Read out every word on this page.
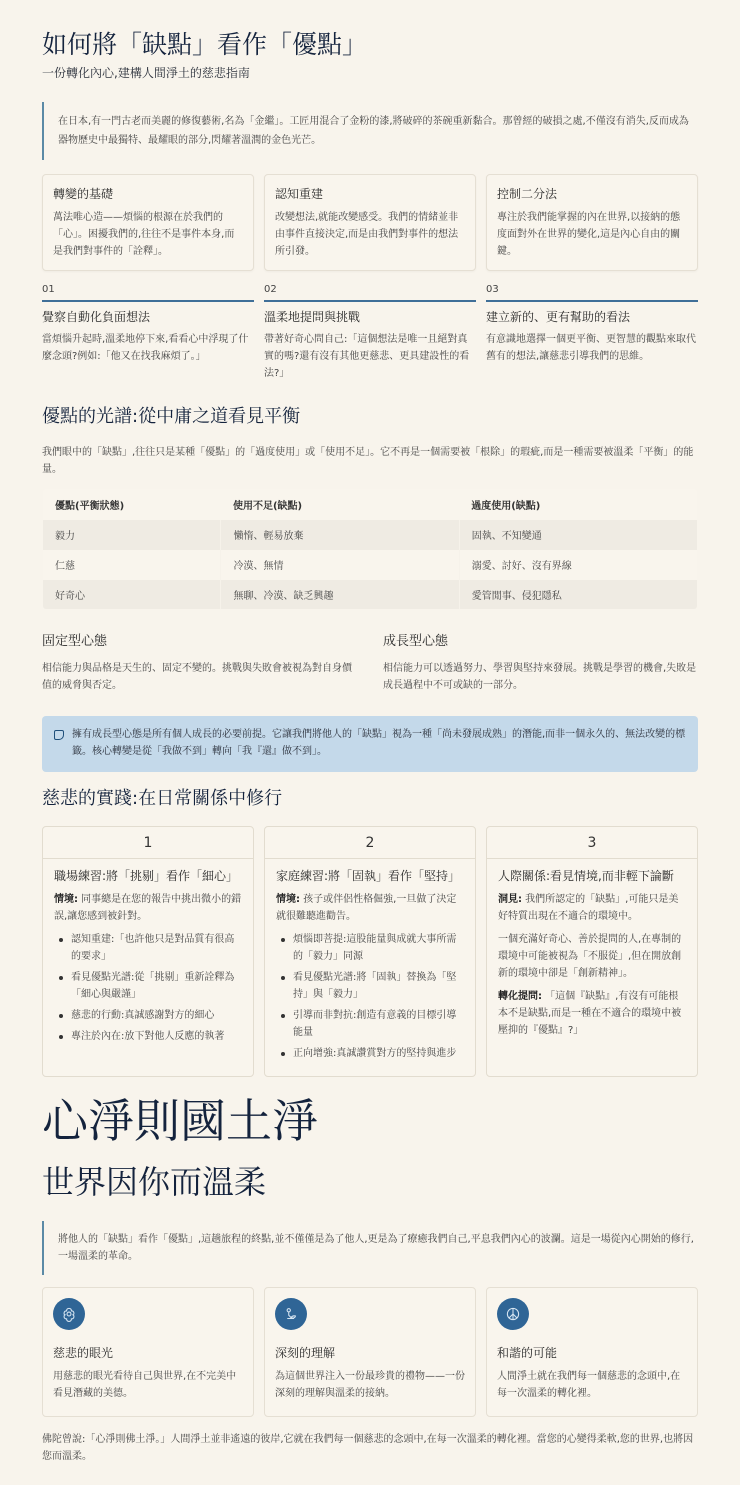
如何將「缺點」看作「優點」
一份轉化內心,建構人間淨土的慈悲指南
在日本,有一門古老而美麗的修復藝術,名為「金繼」。工匠用混合了金粉的漆,將破碎的茶碗重新黏合。那曾經的破損之處,不僅沒有消失,反而成為器物歷史中最獨特、最耀眼的部分,閃耀著溫潤的金色光芒。
轉變的基礎
萬法唯心造——煩惱的根源在於我們的「心」。困擾我們的,往往不是事件本身,而是我們對事件的「詮釋」。
認知重建
改變想法,就能改變感受。我們的情緒並非由事件直接決定,而是由我們對事件的想法所引發。
控制二分法
專注於我們能掌握的內在世界,以接納的態度面對外在世界的變化,這是內心自由的關鍵。
01
覺察自動化負面想法
當煩惱升起時,溫柔地停下來,看看心中浮現了什麼念頭?例如:「他又在找我麻煩了。」
02
溫柔地提問與挑戰
帶著好奇心問自己:「這個想法是唯一且絕對真實的嗎?還有沒有其他更慈悲、更具建設性的看法?」
03
建立新的、更有幫助的看法
有意識地選擇一個更平衡、更智慧的觀點來取代舊有的想法,讓慈悲引導我們的思維。
優點的光譜:從中庸之道看見平衡

我們眼中的「缺點」,往往只是某種「優點」的「過度使用」或「使用不足」。它不再是一個需要被「根除」的瑕疵,而是一種需要被溫柔「平衡」的能量。

優點(平衡狀態)	使用不足(缺點)	過度使用(缺點)
毅力	懶惰、輕易放棄	固執、不知變通
仁慈	冷漠、無情	溺愛、討好、沒有界線
好奇心	無聊、冷漠、缺乏興趣	愛管閒事、侵犯隱私
固定型心態
相信能力與品格是天生的、固定不變的。挑戰與失敗會被視為對自身價值的威脅與否定。
成長型心態
相信能力可以透過努力、學習與堅持來發展。挑戰是學習的機會,失敗是成長過程中不可或缺的一部分。
擁有成長型心態是所有個人成長的必要前提。它讓我們將他人的「缺點」視為一種「尚未發展成熟」的潛能,而非一個永久的、無法改變的標籤。核心轉變是從「我做不到」轉向「我『還』做不到」。
慈悲的實踐:在日常關係中修行
1
職場練習:將「挑剔」看作「細心」
情境: 同事總是在您的報告中挑出微小的錯誤,讓您感到被針對。
認知重建:「也許他只是對品質有很高的要求」
看見優點光譜:從「挑剔」重新詮釋為「細心與嚴謹」
慈悲的行動:真誠感謝對方的細心
專注於內在:放下對他人反應的執著
2
家庭練習:將「固執」看作「堅持」
情境: 孩子或伴侶性格倔強,一旦做了決定就很難聽進勸告。
煩惱即菩提:這股能量與成就大事所需的「毅力」同源
看見優點光譜:將「固執」替換為「堅持」與「毅力」
引導而非對抗:創造有意義的目標引導能量
正向增強:真誠讚賞對方的堅持與進步
3
人際關係:看見情境,而非輕下論斷
洞見: 我們所認定的「缺點」,可能只是美好特質出現在不適合的環境中。
一個充滿好奇心、善於提問的人,在專制的環境中可能被視為「不服從」,但在開放創新的環境中卻是「創新精神」。
轉化提問: 「這個『缺點』,有沒有可能根本不是缺點,而是一種在不適合的環境中被壓抑的『優點』?」
心淨則國土淨
世界因你而溫柔
將他人的「缺點」看作「優點」,這趟旅程的終點,並不僅僅是為了他人,更是為了療癒我們自己,平息我們內心的波瀾。這是一場從內心開始的修行,一場溫柔的革命。
慈悲的眼光
用慈悲的眼光看待自己與世界,在不完美中看見潛藏的美德。
深刻的理解
為這個世界注入一份最珍貴的禮物——一份深刻的理解與溫柔的接納。
和諧的可能
人間淨土就在我們每一個慈悲的念頭中,在每一次溫柔的轉化裡。

佛陀曾說:「心淨則佛土淨。」人間淨土並非遙遠的彼岸,它就在我們每一個慈悲的念頭中,在每一次溫柔的轉化裡。當您的心變得柔軟,您的世界,也將因您而溫柔。
